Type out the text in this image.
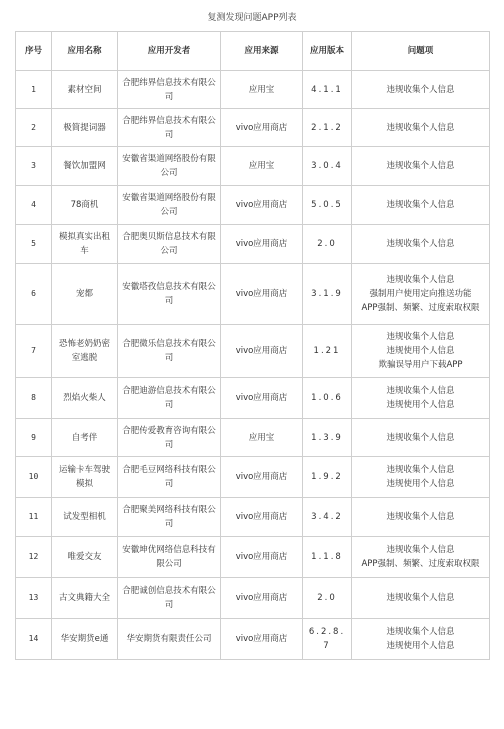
复测发现问题APP列表
序号	应用名称	应用开发者	应用来源	应用版本	问题项
1	素材空间	合肥纬界信息技术有限公司	应用宝	4.1.1	违规收集个人信息

2	极简提词器	合肥纬界信息技术有限公司	vivo应用商店	2.1.2	违规收集个人信息

3	餐饮加盟网	安徽省渠道网络股份有限公司	应用宝	3.0.4	违规收集个人信息

4	78商机	安徽省渠道网络股份有限公司	vivo应用商店	5.0.5	违规收集个人信息

5	模拟真实出租车	合肥奥贝斯信息技术有限公司	vivo应用商店	2.0	违规收集个人信息

6	宠都	安徽塔孜信息技术有限公司	vivo应用商店	3.1.9	违规收集个人信息
强制用户使用定向推送功能
APP强制、频繁、过度索取权限

7	恐怖老奶奶密室逃脱	合肥微乐信息技术有限公司	vivo应用商店	1.21	违规收集个人信息
违规使用个人信息
欺骗误导用户下载APP

8	烈焰火柴人	合肥迪游信息技术有限公司	vivo应用商店	1.0.6	违规收集个人信息
违规使用个人信息

9	自考伴	合肥传爱教育咨询有限公司	应用宝	1.3.9	违规收集个人信息

10	运输卡车驾驶模拟	合肥毛豆网络科技有限公司	vivo应用商店	1.9.2	违规收集个人信息
违规使用个人信息

11	试发型相机	合肥聚美网络科技有限公司	vivo应用商店	3.4.2	违规收集个人信息

12	唯爱交友	安徽坤优网络信息科技有限公司	vivo应用商店	1.1.8	违规收集个人信息
APP强制、频繁、过度索取权限

13	古文典籍大全	合肥诚创信息技术有限公司	vivo应用商店	2.0	违规收集个人信息

14	华安期货e通	华安期货有限责任公司	vivo应用商店	6.2.8.7	违规收集个人信息
违规使用个人信息
